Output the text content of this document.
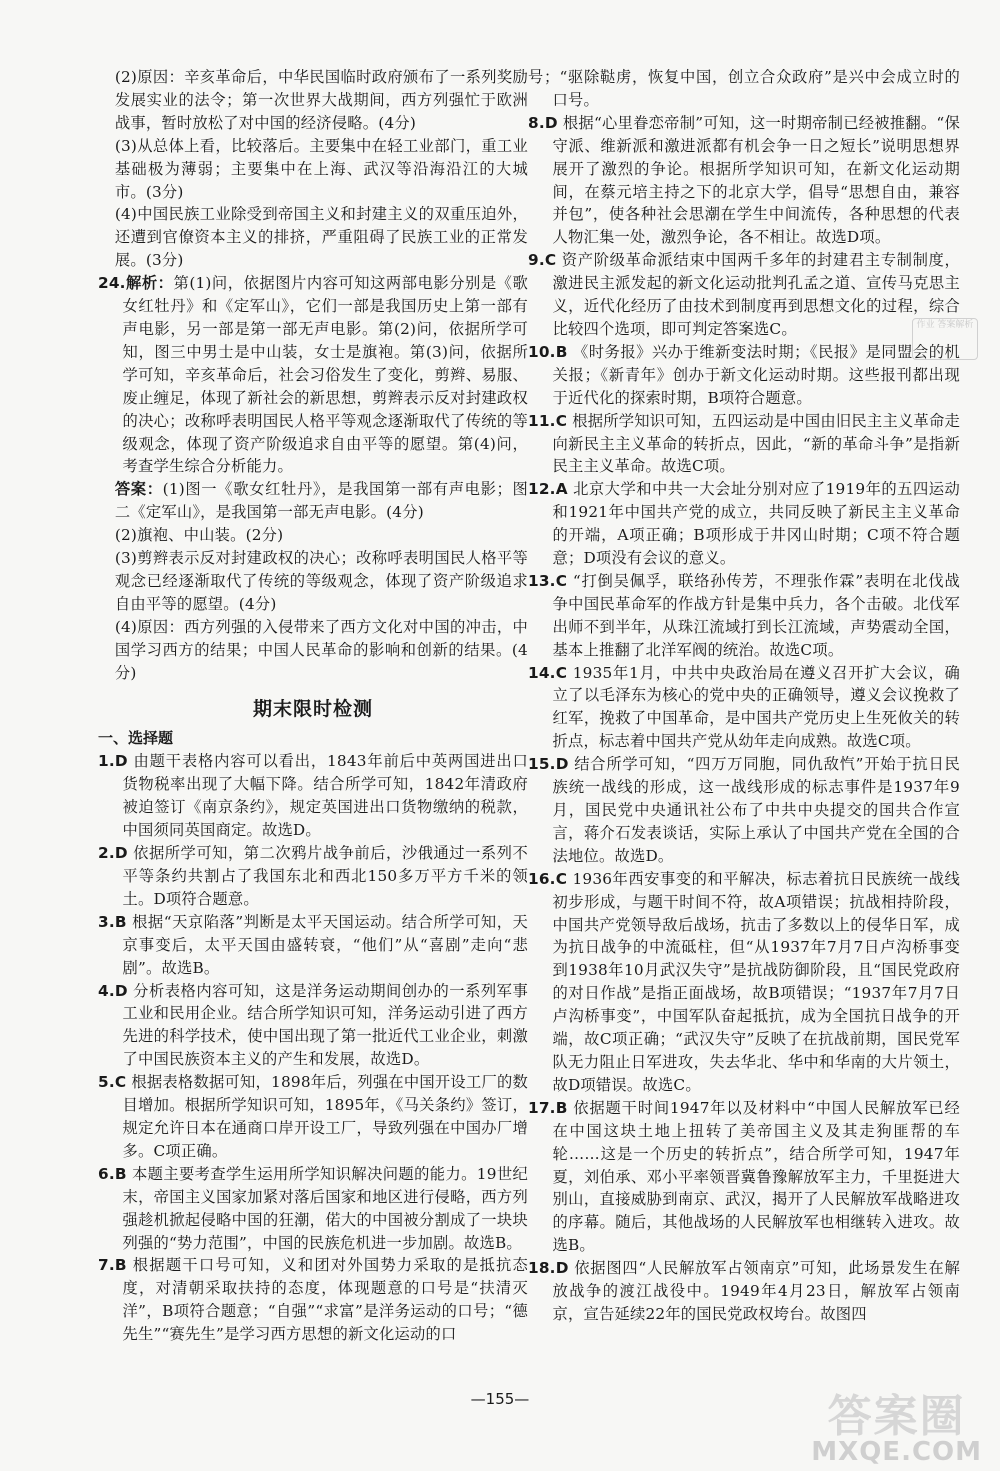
(2)原因：辛亥革命后，中华民国临时政府颁布了一系列奖励发展实业的法令；第一次世界大战期间，西方列强忙于欧洲战事，暂时放松了对中国的经济侵略。(4分)

(3)从总体上看，比较落后。主要集中在轻工业部门，重工业基础极为薄弱；主要集中在上海、武汉等沿海沿江的大城市。(3分)

(4)中国民族工业除受到帝国主义和封建主义的双重压迫外，还遭到官僚资本主义的排挤，严重阻碍了民族工业的正常发展。(3分)

24.解析：第(1)问，依据图片内容可知这两部电影分别是《歌女红牡丹》和《定军山》，它们一部是我国历史上第一部有声电影，另一部是第一部无声电影。第(2)问，依据所学可知，图三中男士是中山装，女士是旗袍。第(3)问，依据所学可知，辛亥革命后，社会习俗发生了变化，剪辫、易服、废止缠足，体现了新社会的新思想，剪辫表示反对封建政权的决心；改称呼表明国民人格平等观念逐渐取代了传统的等级观念，体现了资产阶级追求自由平等的愿望。第(4)问，考查学生综合分析能力。

答案：(1)图一《歌女红牡丹》，是我国第一部有声电影；图二《定军山》，是我国第一部无声电影。(4分)

(2)旗袍、中山装。(2分)

(3)剪辫表示反对封建政权的决心；改称呼表明国民人格平等观念已经逐渐取代了传统的等级观念，体现了资产阶级追求自由平等的愿望。(4分)

(4)原因：西方列强的入侵带来了西方文化对中国的冲击，中国学习西方的结果；中国人民革命的影响和创新的结果。(4分)

期末限时检测
一、选择题

1.D 由题干表格内容可以看出，1843年前后中英两国进出口货物税率出现了大幅下降。结合所学可知，1842年清政府被迫签订《南京条约》，规定英国进出口货物缴纳的税款，中国须同英国商定。故选D。

2.D 依据所学可知，第二次鸦片战争前后，沙俄通过一系列不平等条约共割占了我国东北和西北150多万平方千米的领土。D项符合题意。

3.B 根据“天京陷落”判断是太平天国运动。结合所学可知，天京事变后，太平天国由盛转衰，“他们”从“喜剧”走向“悲剧”。故选B。

4.D 分析表格内容可知，这是洋务运动期间创办的一系列军事工业和民用企业。结合所学知识可知，洋务运动引进了西方先进的科学技术，使中国出现了第一批近代工业企业，刺激了中国民族资本主义的产生和发展，故选D。

5.C 根据表格数据可知，1898年后，列强在中国开设工厂的数目增加。根据所学知识可知，1895年，《马关条约》签订，规定允许日本在通商口岸开设工厂，导致列强在中国办厂增多。C项正确。

6.B 本题主要考查学生运用所学知识解决问题的能力。19世纪末，帝国主义国家加紧对落后国家和地区进行侵略，西方列强趁机掀起侵略中国的狂潮，偌大的中国被分割成了一块块列强的“势力范围”，中国的民族危机进一步加剧。故选B。

7.B 根据题干口号可知，义和团对外国势力采取的是抵抗态度，对清朝采取扶持的态度，体现题意的口号是“扶清灭洋”，B项符合题意；“自强”“求富”是洋务运动的口号；“德先生”“赛先生”是学习西方思想的新文化运动的口

号；“驱除鞑虏，恢复中国，创立合众政府”是兴中会成立时的口号。

8.D 根据“心里眷恋帝制”可知，这一时期帝制已经被推翻。“保守派、维新派和激进派都有机会争一日之短长”说明思想界展开了激烈的争论。根据所学知识可知，在新文化运动期间，在蔡元培主持之下的北京大学，倡导“思想自由，兼容并包”，使各种社会思潮在学生中间流传，各种思想的代表人物汇集一处，激烈争论，各不相让。故选D项。

9.C 资产阶级革命派结束中国两千多年的封建君主专制制度，激进民主派发起的新文化运动批判孔孟之道、宣传马克思主义，近代化经历了由技术到制度再到思想文化的过程，综合比较四个选项，即可判定答案选C。

10.B 《时务报》兴办于维新变法时期；《民报》是同盟会的机关报；《新青年》创办于新文化运动时期。这些报刊都出现于近代化的探索时期，B项符合题意。

11.C 根据所学知识可知，五四运动是中国由旧民主主义革命走向新民主主义革命的转折点，因此，“新的革命斗争”是指新民主主义革命。故选C项。

12.A 北京大学和中共一大会址分别对应了1919年的五四运动和1921年中国共产党的成立，共同反映了新民主主义革命的开端，A项正确；B项形成于井冈山时期；C项不符合题意；D项没有会议的意义。

13.C “打倒吴佩孚，联络孙传芳，不理张作霖”表明在北伐战争中国民革命军的作战方针是集中兵力，各个击破。北伐军出师不到半年，从珠江流域打到长江流域，声势震动全国，基本上推翻了北洋军阀的统治。故选C项。

14.C 1935年1月，中共中央政治局在遵义召开扩大会议，确立了以毛泽东为核心的党中央的正确领导，遵义会议挽救了红军，挽救了中国革命，是中国共产党历史上生死攸关的转折点，标志着中国共产党从幼年走向成熟。故选C项。

15.D 结合所学可知，“四万万同胞，同仇敌忾”开始于抗日民族统一战线的形成，这一战线形成的标志事件是1937年9月，国民党中央通讯社公布了中共中央提交的国共合作宣言，蒋介石发表谈话，实际上承认了中国共产党在全国的合法地位。故选D。

16.C 1936年西安事变的和平解决，标志着抗日民族统一战线初步形成，与题干时间不符，故A项错误；抗战相持阶段，中国共产党领导敌后战场，抗击了多数以上的侵华日军，成为抗日战争的中流砥柱，但“从1937年7月7日卢沟桥事变到1938年10月武汉失守”是抗战防御阶段，且“国民党政府的对日作战”是指正面战场，故B项错误；“1937年7月7日卢沟桥事变”，中国军队奋起抵抗，成为全国抗日战争的开端，故C项正确；“武汉失守”反映了在抗战前期，国民党军队无力阻止日军进攻，失去华北、华中和华南的大片领土，故D项错误。故选C。

17.B 依据题干时间1947年以及材料中“中国人民解放军已经在中国这块土地上扭转了美帝国主义及其走狗匪帮的车轮……这是一个历史的转折点”，结合所学可知，1947年夏，刘伯承、邓小平率领晋冀鲁豫解放军主力，千里挺进大别山，直接威胁到南京、武汉，揭开了人民解放军战略进攻的序幕。随后，其他战场的人民解放军也相继转入进攻。故选B。

18.D 依据图四“人民解放军占领南京”可知，此场景发生在解放战争的渡江战役中。1949年4月23日，解放军占领南京，宣告延续22年的国民党政权垮台。故图四

作业 答案解析
—155—	答案圈
MXQE.COM
